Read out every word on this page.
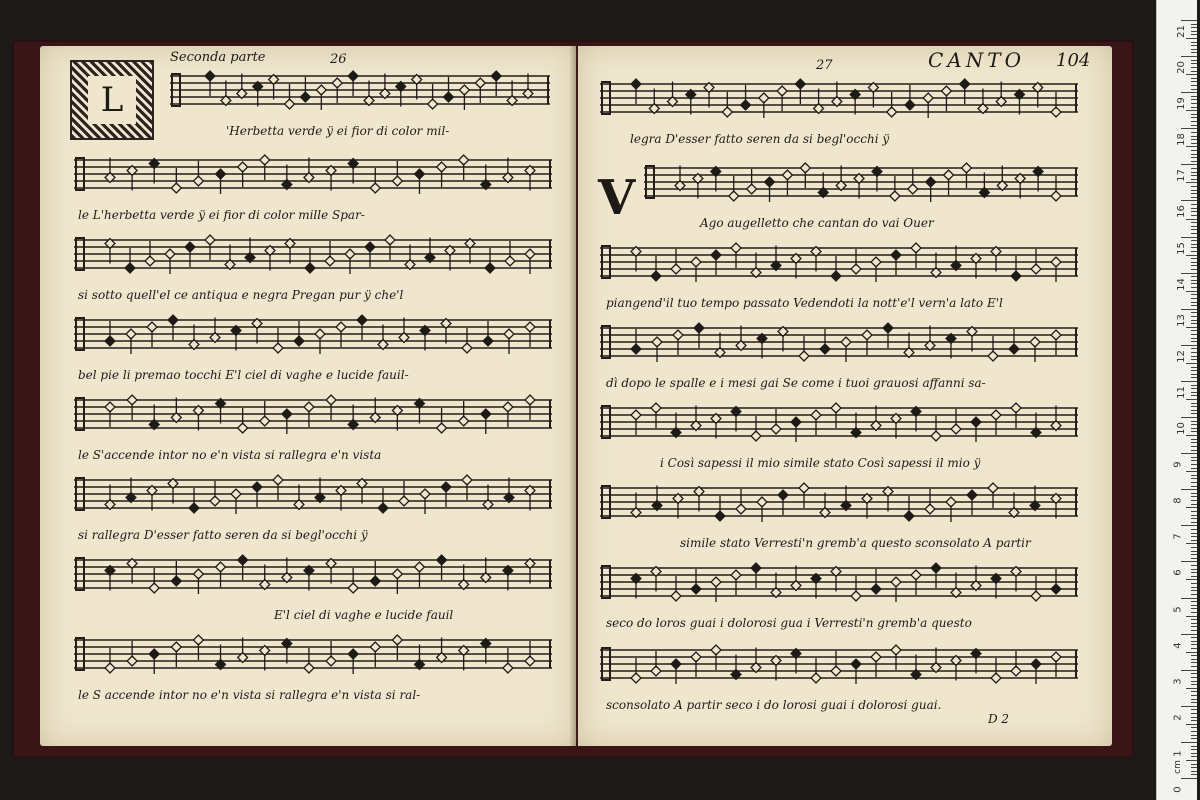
Seconda parte	26
L
'Herbetta verde ÿ ei fior di color mil-
le L'herbetta verde ÿ ei fior di color mille Spar-
si sotto quell'el ce antiqua e negra Pregan pur ÿ che'l
bel pie li premao tocchi E'l ciel di vaghe e lucide fauil-
le S'accende intor no e'n vista si rallegra e'n vista
si rallegra D'esser fatto seren da si begl'occhi ÿ
E'l ciel di vaghe e lucide fauil
le S accende intor no e'n vista si rallegra e'n vista si ral-
27	CANTO 104
V
legra D'esser fatto seren da si begl'occhi ÿ
Ago augelletto che cantan do vai Ouer
piangend'il tuo tempo passato Vedendoti la nott'e'l vern'a lato E'l
dì dopo le spalle e i mesi gai Se come i tuoi grauosi affanni sa-
i Così sapessi il mio simile stato Così sapessi il mio ÿ
simile stato Verresti'n gremb'a questo sconsolato A partir
seco do loros guai i dolorosi gua i Verresti'n gremb'a questo
sconsolato A partir seco i do lorosi guai i dolorosi guai.
D 2
21
20
19
18
17
16
15
14
13
12
11
10
9
8
7
6
5
4
3
2
1
0
cm
